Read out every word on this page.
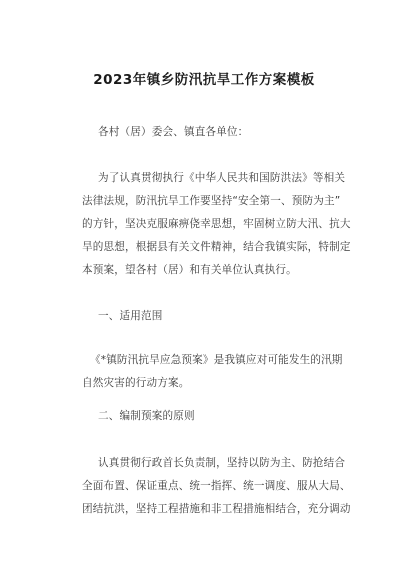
2023年镇乡防汛抗旱工作方案模板
各村（居）委会、镇直各单位：
为了认真贯彻执行《中华人民共和国防洪法》等相关
法律法规，防汛抗旱工作要坚持“安全第一、预防为主”
的方针，坚决克服麻痹侥幸思想，牢固树立防大汛、抗大
旱的思想，根据县有关文件精神，结合我镇实际，特制定
本预案，望各村（居）和有关单位认真执行。
一、适用范围
《*镇防汛抗旱应急预案》是我镇应对可能发生的汛期
自然灾害的行动方案。
二、编制预案的原则
认真贯彻行政首长负责制，坚持以防为主、防抢结合
全面布置、保证重点、统一指挥、统一调度、服从大局、
团结抗洪，坚持工程措施和非工程措施相结合，充分调动
